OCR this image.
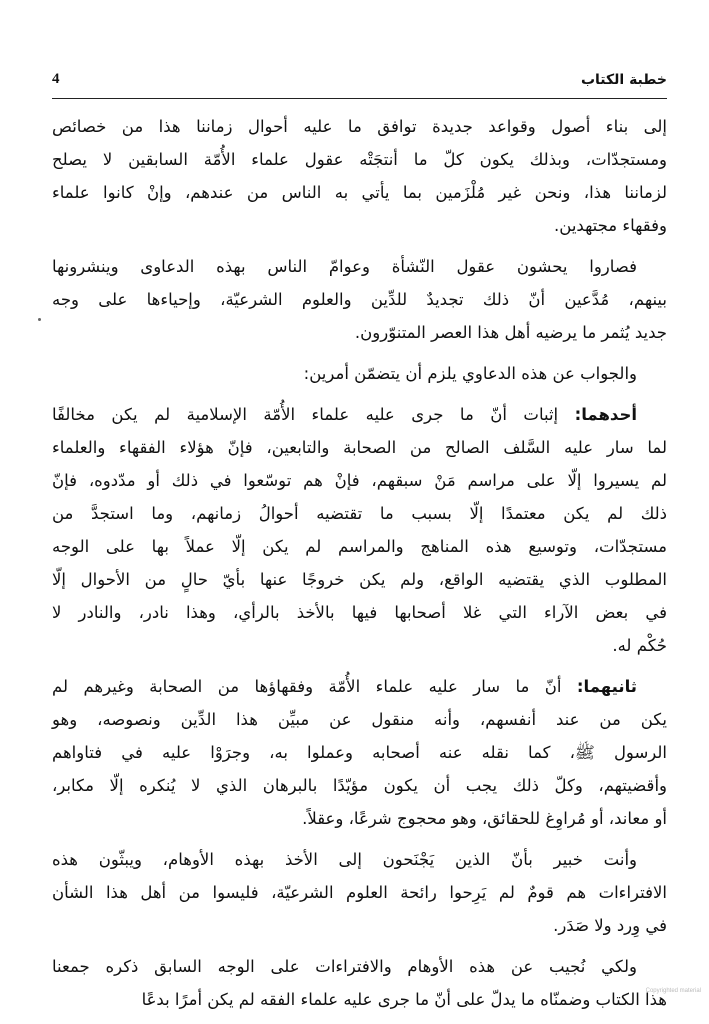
خطبة الكتاب
4
إلى بناء أصول وقواعد جديدة توافق ما عليه أحوال زماننا هذا من خصائص
ومستجدّات، وبذلك يكون كلّ ما أنتجَتْه عقول علماء الأُمّة السابقين لا يصلح
لزماننا هذا، ونحن غير مُلْزَمين بما يأتي به الناس من عندهم، وإنْ كانوا علماء
وفقهاء مجتهدين.
فصاروا يحشون عقول النّشأة وعوامّ الناس بهذه الدعاوى وينشرونها
بينهم، مُدَّعين أنّ ذلك تجديدٌ للدِّين والعلوم الشرعيّة، وإحياءها على وجه
جديد يُثمر ما يرضيه أهل هذا العصر المتنوّرون.
والجواب عن هذه الدعاوي يلزم أن يتضمّن أمرين:
أحدهما: إثبات أنّ ما جرى عليه علماء الأُمّة الإسلامية لم يكن مخالفًا
لما سار عليه السَّلف الصالح من الصحابة والتابعين، فإنّ هؤلاء الفقهاء والعلماء
لم يسيروا إلّا على مراسم مَنْ سبقهم، فإنْ هم توسّعوا في ذلك أو مدّدوه، فإنّ
ذلك لم يكن معتمدًا إلّا بسبب ما تقتضيه أحوالُ زمانهم، وما استجدَّ من
مستجدّات، وتوسيع هذه المناهج والمراسم لم يكن إلّا عملاً بها على الوجه
المطلوب الذي يقتضيه الواقع، ولم يكن خروجًا عنها بأيّ حالٍ من الأحوال إلّا
في بعض الآراء التي غلا أصحابها فيها بالأخذ بالرأي، وهذا نادر، والنادر لا
حُكْم له.
ثانيهما: أنّ ما سار عليه علماء الأُمّة وفقهاؤها من الصحابة وغيرهم لم
يكن من عند أنفسهم، وأنه منقول عن مبيِّن هذا الدِّين ونصوصه، وهو
الرسول ﷺ، كما نقله عنه أصحابه وعملوا به، وجرَوْا عليه في فتاواهم
وأقضيتهم، وكلّ ذلك يجب أن يكون مؤيّدًا بالبرهان الذي لا يُنكره إلّا مكابر،
أو معاند، أو مُراوِغ للحقائق، وهو محجوج شرعًا، وعقلاً.
وأنت خبير بأنّ الذين يَجْنَحون إلى الأخذ بهذه الأوهام، ويبثّون هذه
الافتراءات هم قومٌ لم يَرِحوا رائحة العلوم الشرعيّة، فليسوا من أهل هذا الشأن
في وِرد ولا صَدَر.
ولكي نُجيب عن هذه الأوهام والافتراءات على الوجه السابق ذكره جمعنا
هذا الكتاب وضمنّاه ما يدلّ على أنّ ما جرى عليه علماء الفقه لم يكن أمرًا بدعًا
Copyrighted material
